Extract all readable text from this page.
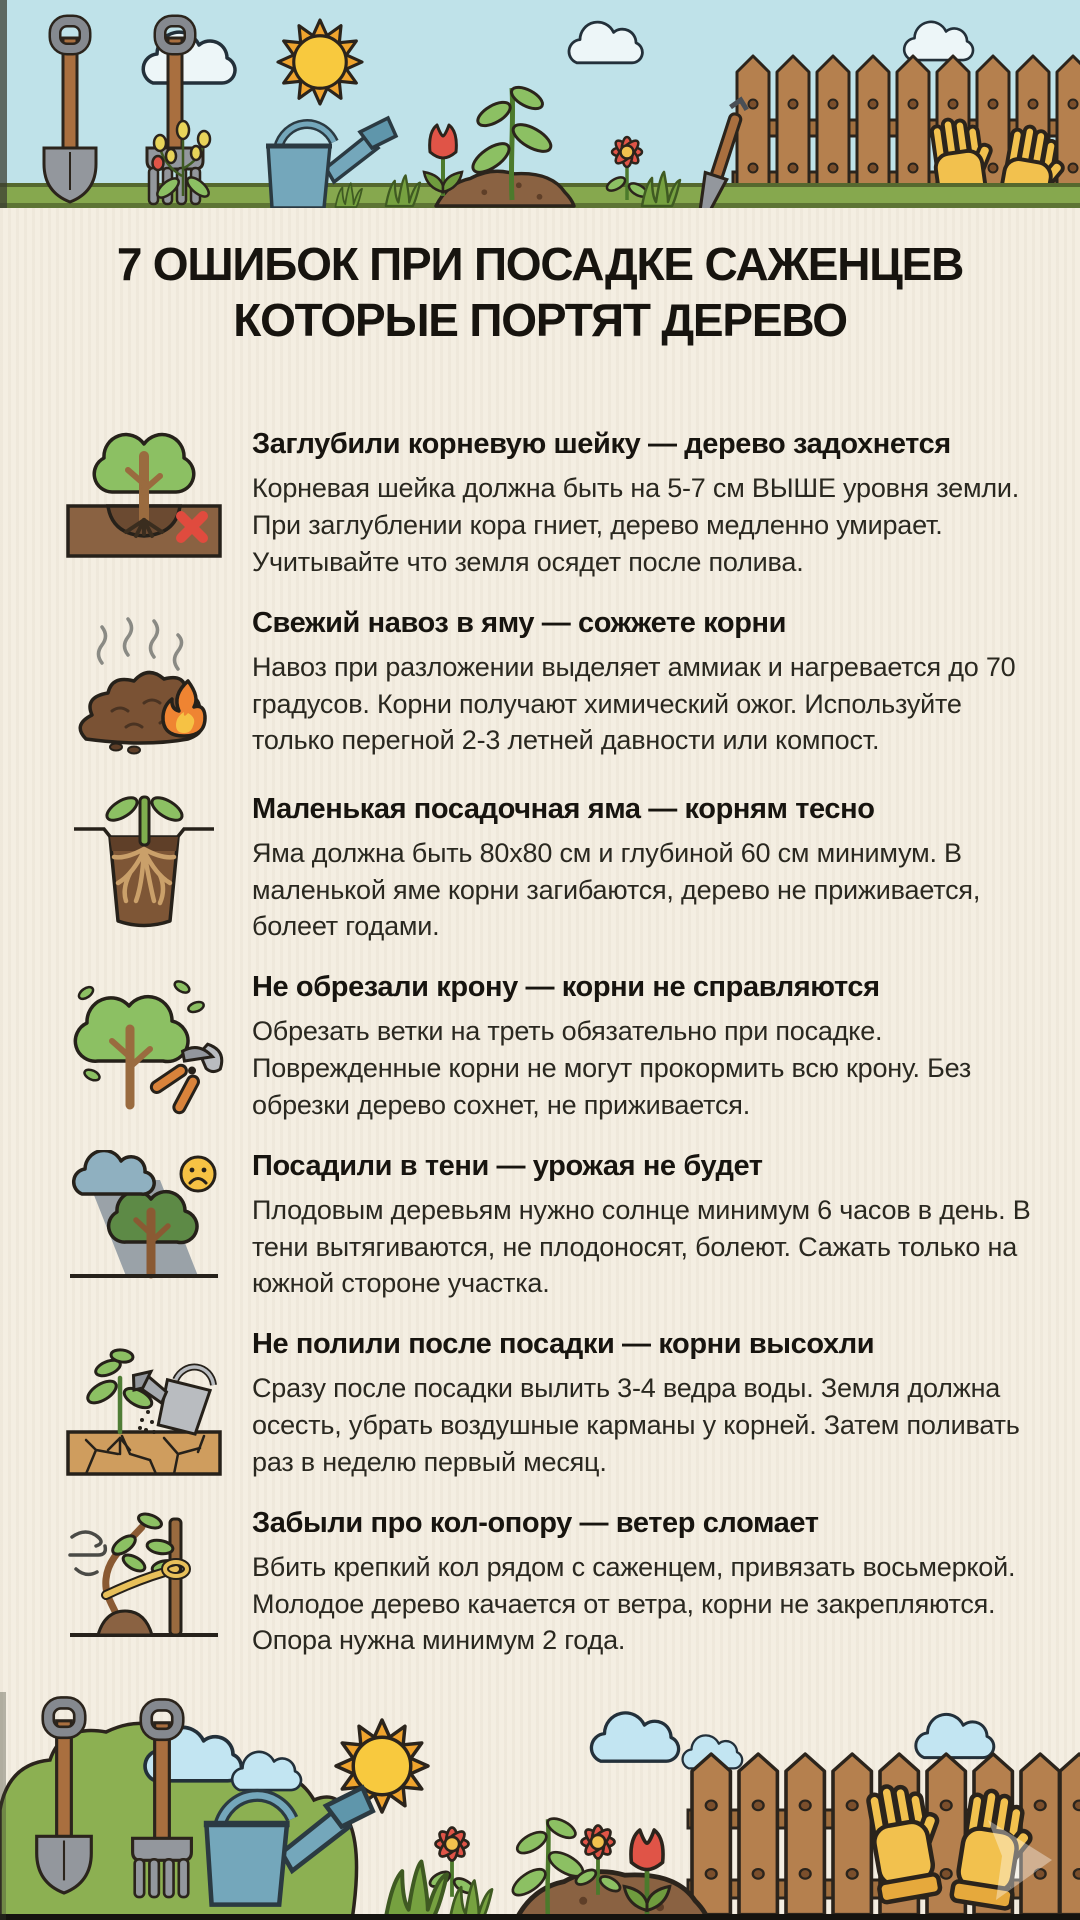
7 ОШИБОК ПРИ ПОСАДКЕ САЖЕНЦЕВ
КОТОРЫЕ ПОРТЯТ ДЕРЕВО
Заглубили корневую шейку — дерево задохнется

Корневая шейка должна быть на 5-7 см ВЫШЕ уровня земли. При заглублении кора гниет, дерево медленно умирает. Учитывайте что земля осядет после полива.

Свежий навоз в яму — сожжете корни

Навоз при разложении выделяет аммиак и нагревается до 70 градусов. Корни получают химический ожог. Используйте только перегной 2-3 летней давности или компост.

Маленькая посадочная яма — корням тесно

Яма должна быть 80х80 см и глубиной 60 см минимум. В маленькой яме корни загибаются, дерево не приживается, болеет годами.

Не обрезали крону — корни не справляются

Обрезать ветки на треть обязательно при посадке. Поврежденные корни не могут прокормить всю крону. Без обрезки дерево сохнет, не приживается.

Посадили в тени — урожая не будет

Плодовым деревьям нужно солнце минимум 6 часов в день. В тени вытягиваются, не плодоносят, болеют. Сажать только на южной стороне участка.

Не полили после посадки — корни высохли

Сразу после посадки вылить 3-4 ведра воды. Земля должна осесть, убрать воздушные карманы у корней. Затем поливать раз в неделю первый месяц.

Забыли про кол-опору — ветер сломает

Вбить крепкий кол рядом с саженцем, привязать восьмеркой. Молодое дерево качается от ветра, корни не закрепляются. Опора нужна минимум 2 года.
